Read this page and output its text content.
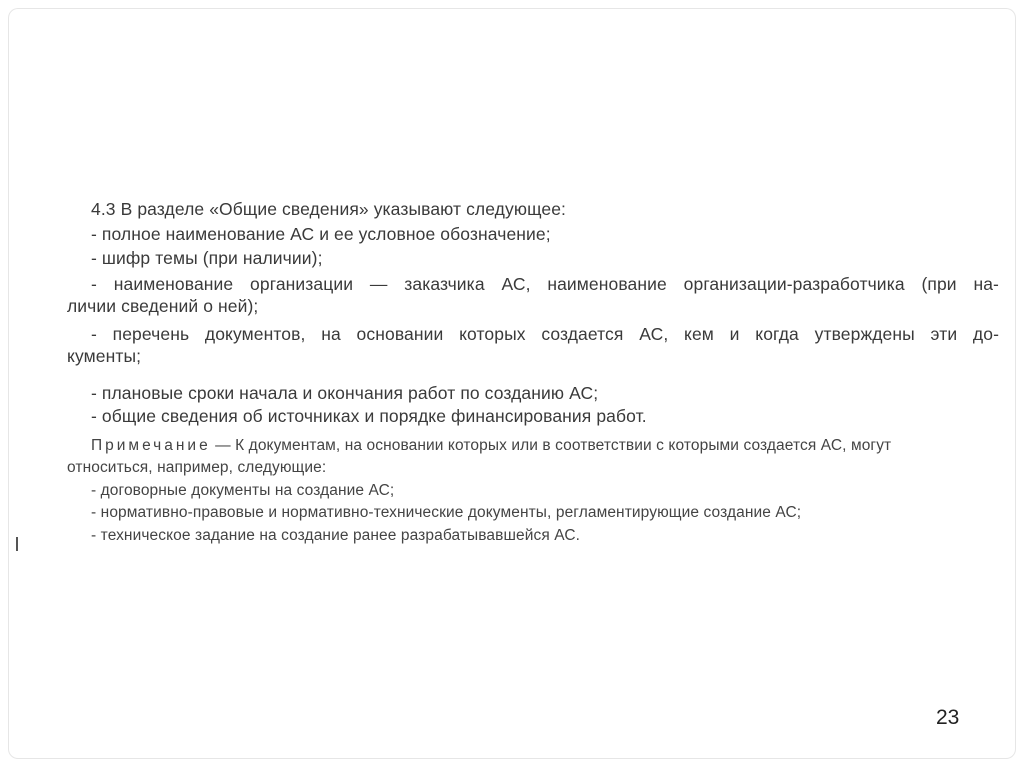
4.3 В разделе «Общие сведения» указывают следующее:
- полное наименование АС и ее условное обозначение;
- шифр темы (при наличии);
- наименование организации — заказчика АС, наименование организации-разработчика (при на-
личии сведений о ней);
- перечень документов, на основании которых создается АС, кем и когда утверждены эти до-
кументы;
- плановые сроки начала и окончания работ по созданию АС;
- общие сведения об источниках и порядке финансирования работ.
Примечание — К документам, на основании которых или в соответствии с которыми создается АС, могут
относиться, например, следующие:
- договорные документы на создание АС;
- нормативно-правовые и нормативно-технические документы, регламентирующие создание АС;
- техническое задание на создание ранее разрабатывавшейся АС.
23
